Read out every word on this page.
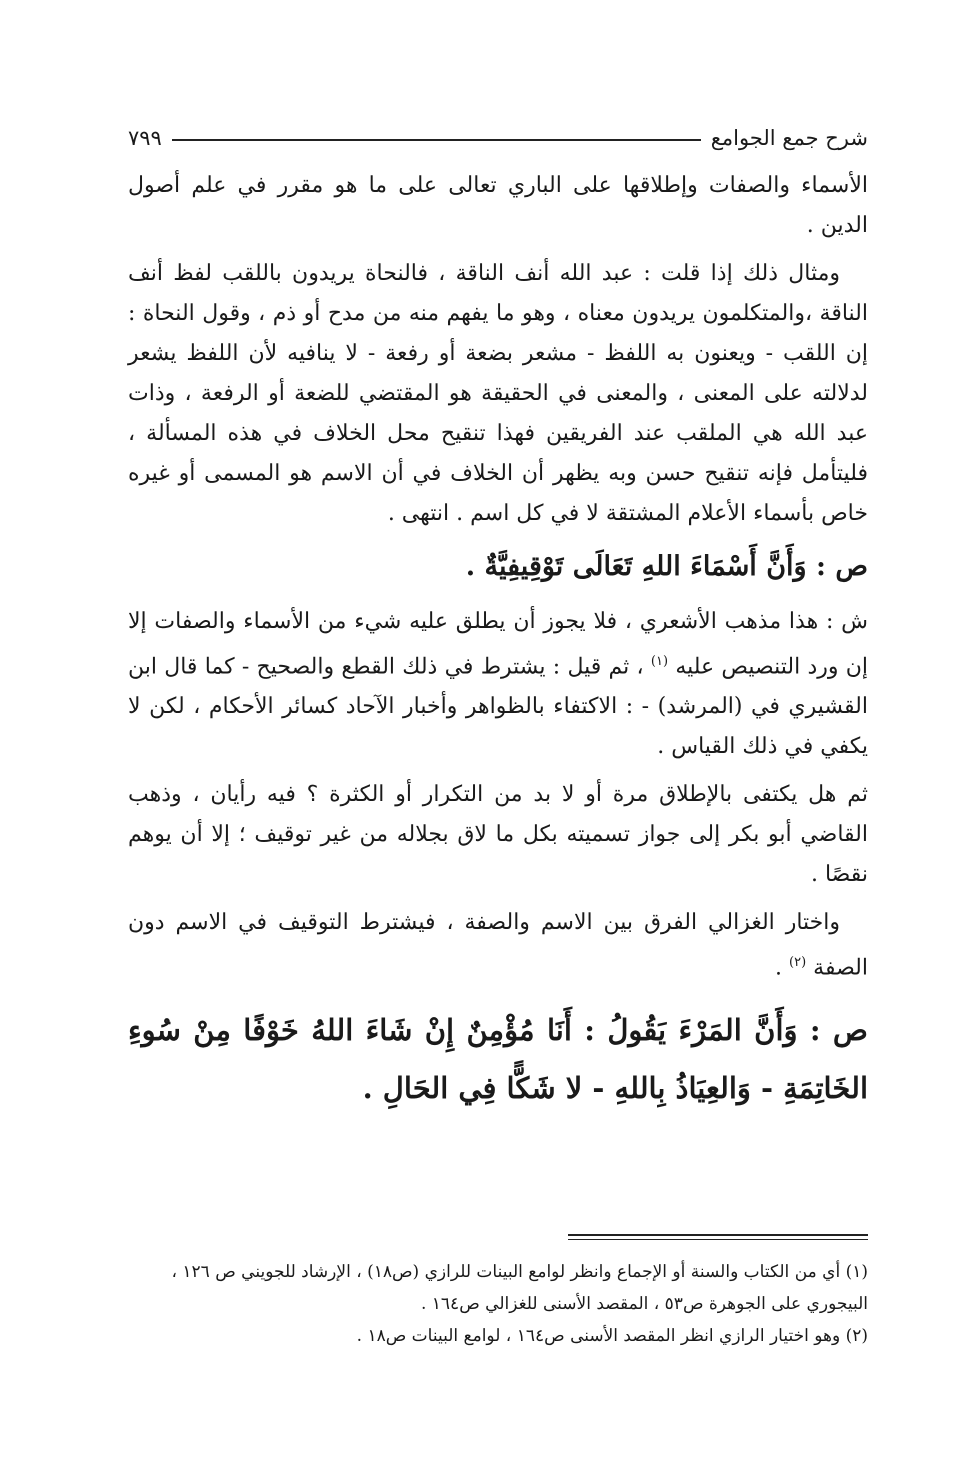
شرح جمع الجوامع
٧٩٩

الأسماء والصفات وإطلاقها على الباري تعالى على ما هو مقرر في علم أصول الدين .

ومثال ذلك إذا قلت : عبد الله أنف الناقة ، فالنحاة يريدون باللقب لفظ أنف الناقة ،والمتكلمون يريدون معناه ، وهو ما يفهم منه من مدح أو ذم ، وقول النحاة : إن اللقب - ويعنون به اللفظ - مشعر بضعة أو رفعة - لا ينافيه لأن اللفظ يشعر لدلالته على المعنى ، والمعنى في الحقيقة هو المقتضي للضعة أو الرفعة ، وذات عبد الله هي الملقب عند الفريقين فهذا تنقيح محل الخلاف في هذه المسألة ، فليتأمل فإنه تنقيح حسن وبه يظهر أن الخلاف في أن الاسم هو المسمى أو غيره خاص بأسماء الأعلام المشتقة لا في كل اسم . انتهى .

ص : وَأَنَّ أَسْمَاءَ اللهِ تَعَالَى تَوْقِيفِيَّةٌ .

ش : هذا مذهب الأشعري ، فلا يجوز أن يطلق عليه شيء من الأسماء والصفات إلا إن ورد التنصيص عليه $^{(١)}$ ، ثم قيل : يشترط في ذلك القطع والصحيح - كما قال ابن القشيري في (المرشد) - : الاكتفاء بالظواهر وأخبار الآحاد كسائر الأحكام ، لكن لا يكفي في ذلك القياس .

ثم هل يكتفى بالإطلاق مرة أو لا بد من التكرار أو الكثرة ؟ فيه رأيان ، وذهب القاضي أبو بكر إلى جواز تسميته بكل ما لاق بجلاله من غير توقيف ؛ إلا أن يوهم نقصًا .

واختار الغزالي الفرق بين الاسم والصفة ، فيشترط التوقيف في الاسم دون الصفة $^{(٢)}$ .

ص : وَأَنَّ المَرْءَ يَقُولُ : أَنَا مُؤْمِنٌ إِنْ شَاءَ اللهُ خَوْفًا مِنْ سُوءِ الخَاتِمَةِ - وَالعِيَاذُ بِاللهِ - لا شَكًّا فِي الحَالِ .

(١) أي من الكتاب والسنة أو الإجماع وانظر لوامع البينات للرازي (ص١٨) ، الإرشاد للجويني ص ١٢٦ ، البيجوري على الجوهرة ص٥٣ ، المقصد الأسنى للغزالي ص١٦٤ .

(٢) وهو اختيار الرازي انظر المقصد الأسنى ص١٦٤ ، لوامع البينات ص١٨ .
